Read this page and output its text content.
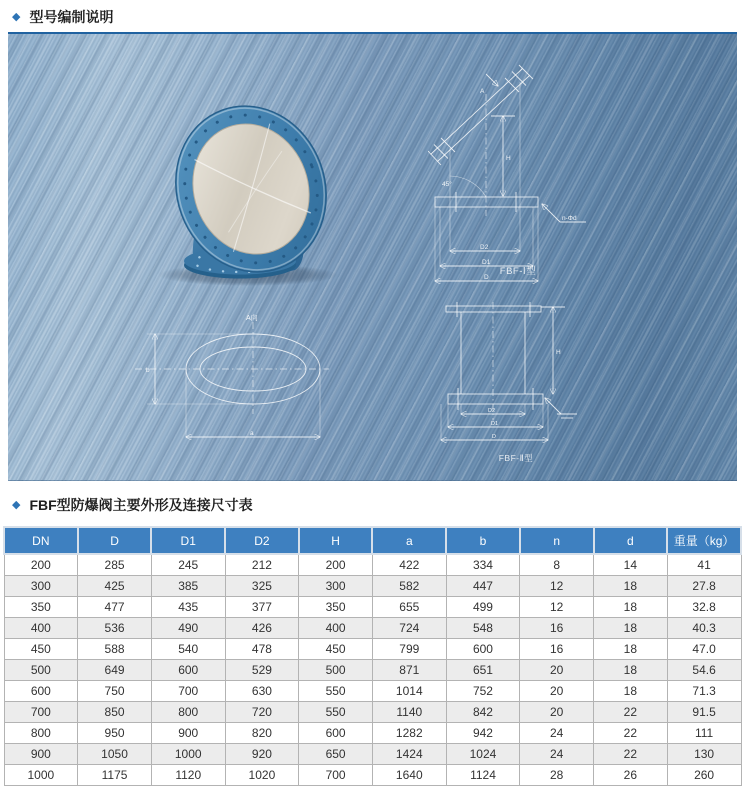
◆ 型号编制说明
A
45°
H
n-Φd
D2
D1
D
FBF-Ⅰ型
A向
b
a
H
D2
D1
D
FBF-Ⅱ型
◆ FBF型防爆阀主要外形及连接尺寸表
DN	D	D1	D2	H	a	b	n	d	重量（kg）
200	285	245	212	200	422	334	8	14	41
300	425	385	325	300	582	447	12	18	27.8
350	477	435	377	350	655	499	12	18	32.8
400	536	490	426	400	724	548	16	18	40.3
450	588	540	478	450	799	600	16	18	47.0
500	649	600	529	500	871	651	20	18	54.6
600	750	700	630	550	1014	752	20	18	71.3
700	850	800	720	550	1140	842	20	22	91.5
800	950	900	820	600	1282	942	24	22	111
900	1050	1000	920	650	1424	1024	24	22	130
1000	1175	1120	1020	700	1640	1124	28	26	260
